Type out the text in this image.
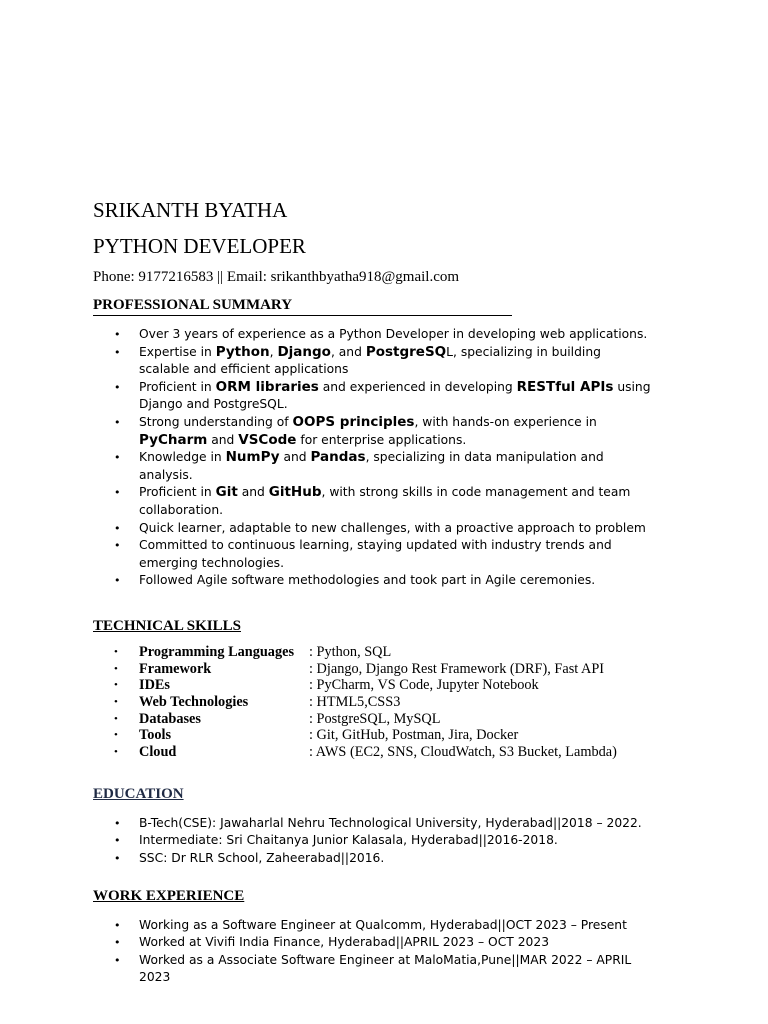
SRIKANTH BYATHA
PYTHON DEVELOPER

Phone: 9177216583 || Email: srikanthbyatha918@gmail.com

PROFESSIONAL SUMMARY
• Over 3 years of experience as a Python Developer in developing web applications.
• Expertise in Python, Django, and PostgreSQL, specializing in building scalable and efficient applications
• Proficient in ORM libraries and experienced in developing RESTful APIs using Django and PostgreSQL.
• Strong understanding of OOPS principles, with hands-on experience in PyCharm and VSCode for enterprise applications.
• Knowledge in NumPy and Pandas, specializing in data manipulation and analysis.
• Proficient in Git and GitHub, with strong skills in code management and team collaboration.
• Quick learner, adaptable to new challenges, with a proactive approach to problem
• Committed to continuous learning, staying updated with industry trends and emerging technologies.
• Followed Agile software methodologies and took part in Agile ceremonies.
TECHNICAL SKILLS
• Programming Languages : Python, SQL
• Framework	: Django, Django Rest Framework (DRF), Fast API
• IDEs	: PyCharm, VS Code, Jupyter Notebook
• Web Technologies	: HTML5,CSS3
• Databases	: PostgreSQL, MySQL
• Tools	: Git, GitHub, Postman, Jira, Docker
• Cloud	: AWS (EC2, SNS, CloudWatch, S3 Bucket, Lambda)
EDUCATION
• B-Tech(CSE): Jawaharlal Nehru Technological University, Hyderabad||2018 – 2022.
• Intermediate: Sri Chaitanya Junior Kalasala, Hyderabad||2016-2018.
• SSC: Dr RLR School, Zaheerabad||2016.
WORK EXPERIENCE
• Working as a Software Engineer at Qualcomm, Hyderabad||OCT 2023 – Present
• Worked at Vivifi India Finance, Hyderabad||APRIL 2023 – OCT 2023
• Worked as a Associate Software Engineer at MaloMatia,Pune||MAR 2022 – APRIL 2023
